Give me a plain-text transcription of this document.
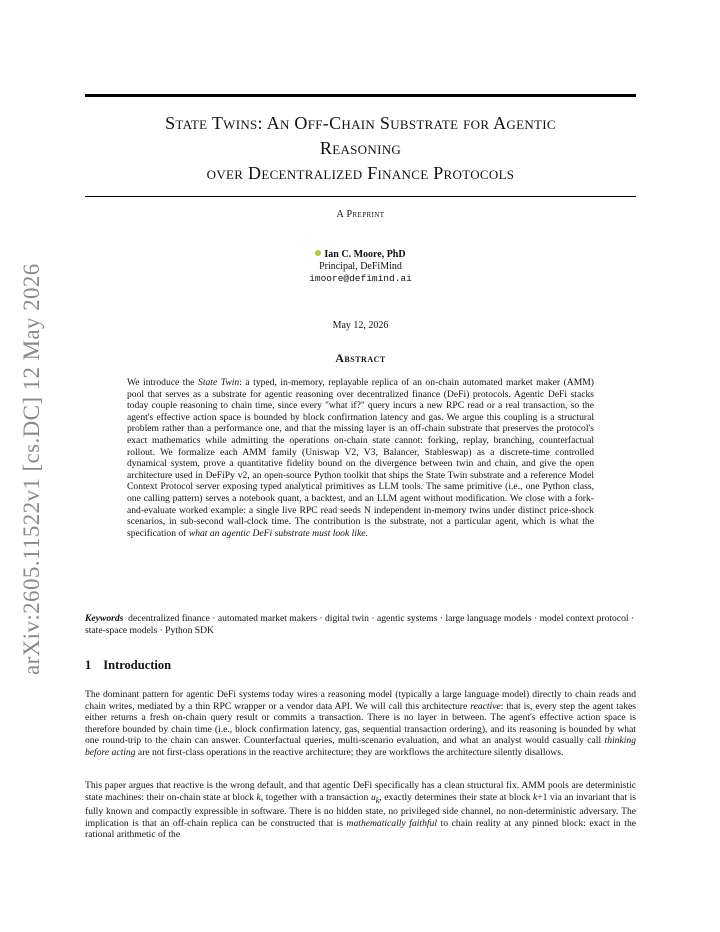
arXiv:2605.11522v1 [cs.DC] 12 May 2026
State Twins: An Off-Chain Substrate for Agentic
Reasoning
over Decentralized Finance Protocols
A Preprint
Ian C. Moore, PhD
Principal, DeFiMind
imoore@defimind.ai
May 12, 2026
Abstract
We introduce the State Twin: a typed, in-memory, replayable replica of an on-chain automated market maker (AMM) pool that serves as a substrate for agentic reasoning over decentralized finance (DeFi) protocols. Agentic DeFi stacks today couple reasoning to chain time, since every "what if?" query incurs a new RPC read or a real transaction, so the agent's effective action space is bounded by block confirmation latency and gas. We argue this coupling is a structural problem rather than a performance one, and that the missing layer is an off-chain substrate that preserves the protocol's exact mathematics while admitting the operations on-chain state cannot: forking, replay, branching, counterfactual rollout. We formalize each AMM family (Uniswap V2, V3, Balancer, Stableswap) as a discrete-time controlled dynamical system, prove a quantitative fidelity bound on the divergence between twin and chain, and give the open architecture used in DeFiPy v2, an open-source Python toolkit that ships the State Twin substrate and a reference Model Context Protocol server exposing typed analytical primitives as LLM tools. The same primitive (i.e., one Python class, one calling pattern) serves a notebook quant, a backtest, and an LLM agent without modification. We close with a fork-and-evaluate worked example: a single live RPC read seeds N independent in-memory twins under distinct price-shock scenarios, in sub-second wall-clock time. The contribution is the substrate, not a particular agent, which is what the specification of what an agentic DeFi substrate must look like.
Keywords decentralized finance · automated market makers · digital twin · agentic systems · large language models · model context protocol · state-space models · Python SDK
1 Introduction
The dominant pattern for agentic DeFi systems today wires a reasoning model (typically a large language model) directly to chain reads and chain writes, mediated by a thin RPC wrapper or a vendor data API. We will call this architecture reactive: that is, every step the agent takes either returns a fresh on-chain query result or commits a transaction. There is no layer in between. The agent's effective action space is therefore bounded by chain time (i.e., block confirmation latency, gas, sequential transaction ordering), and its reasoning is bounded by what one round-trip to the chain can answer. Counterfactual queries, multi-scenario evaluation, and what an analyst would casually call thinking before acting are not first-class operations in the reactive architecture; they are workflows the architecture silently disallows.
This paper argues that reactive is the wrong default, and that agentic DeFi specifically has a clean structural fix. AMM pools are deterministic state machines: their on-chain state at block k, together with a transaction $u_k$, exactly determines their state at block k+1 via an invariant that is fully known and compactly expressible in software. There is no hidden state, no privileged side channel, no non-deterministic adversary. The implication is that an off-chain replica can be constructed that is mathematically faithful to chain reality at any pinned block: exact in the rational arithmetic of the
